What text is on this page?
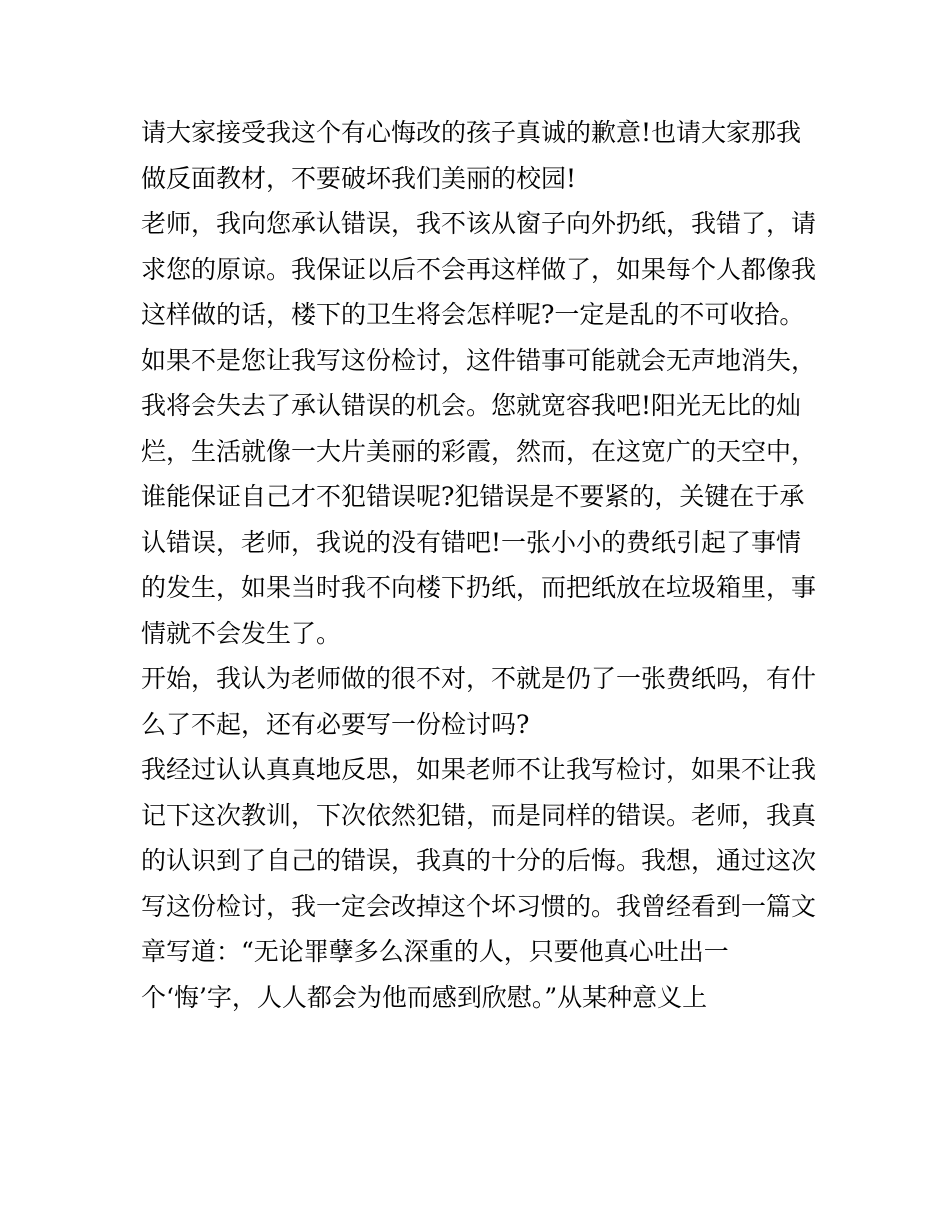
请大家接受我这个有心悔改的孩子真诚的歉意!也请大家那我
做反面教材，不要破坏我们美丽的校园!
老师，我向您承认错误，我不该从窗子向外扔纸，我错了，请
求您的原谅。我保证以后不会再这样做了，如果每个人都像我
这样做的话，楼下的卫生将会怎样呢?一定是乱的不可收拾。
如果不是您让我写这份检讨，这件错事可能就会无声地消失，
我将会失去了承认错误的机会。您就宽容我吧!阳光无比的灿
烂，生活就像一大片美丽的彩霞，然而，在这宽广的天空中，
谁能保证自己才不犯错误呢?犯错误是不要紧的，关键在于承
认错误，老师，我说的没有错吧!一张小小的费纸引起了事情
的发生，如果当时我不向楼下扔纸，而把纸放在垃圾箱里，事
情就不会发生了。
开始，我认为老师做的很不对，不就是仍了一张费纸吗，有什
么了不起，还有必要写一份检讨吗?
我经过认认真真地反思，如果老师不让我写检讨，如果不让我
记下这次教训，下次依然犯错，而是同样的错误。老师，我真
的认识到了自己的错误，我真的十分的后悔。我想，通过这次
写这份检讨，我一定会改掉这个坏习惯的。我曾经看到一篇文
章写道：“无论罪孽多么深重的人，只要他真心吐出一
个‘悔’字，人人都会为他而感到欣慰。”从某种意义上
